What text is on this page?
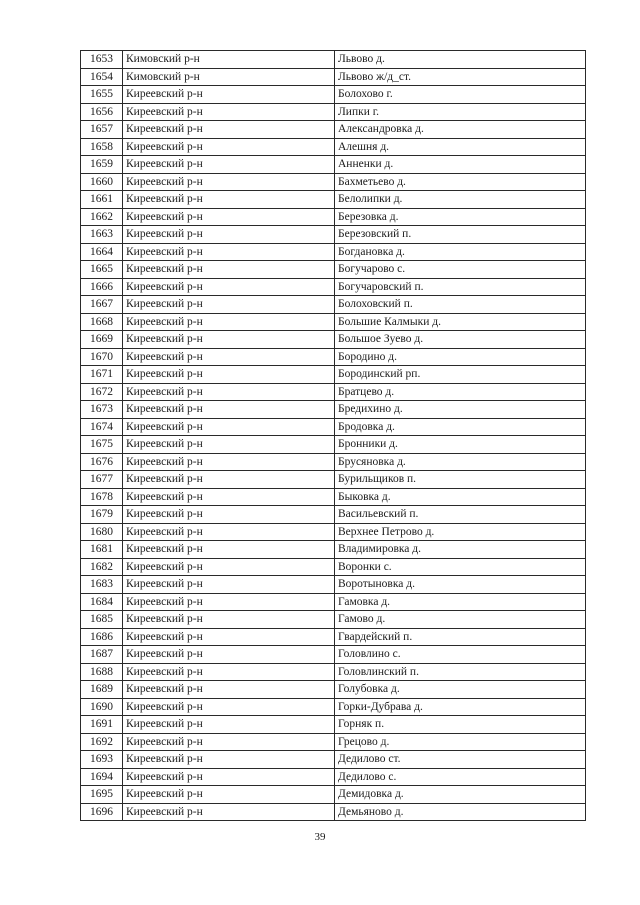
1653	Кимовский р-н	Львово д.
1654	Кимовский р-н	Львово ж/д_ст.
1655	Киреевский р-н	Болохово г.
1656	Киреевский р-н	Липки г.
1657	Киреевский р-н	Александровка д.
1658	Киреевский р-н	Алешня д.
1659	Киреевский р-н	Анненки д.
1660	Киреевский р-н	Бахметьево д.
1661	Киреевский р-н	Белолипки д.
1662	Киреевский р-н	Березовка д.
1663	Киреевский р-н	Березовский п.
1664	Киреевский р-н	Богдановка д.
1665	Киреевский р-н	Богучарово с.
1666	Киреевский р-н	Богучаровский п.
1667	Киреевский р-н	Болоховский п.
1668	Киреевский р-н	Большие Калмыки д.
1669	Киреевский р-н	Большое Зуево д.
1670	Киреевский р-н	Бородино д.
1671	Киреевский р-н	Бородинский рп.
1672	Киреевский р-н	Братцево д.
1673	Киреевский р-н	Бредихино д.
1674	Киреевский р-н	Бродовка д.
1675	Киреевский р-н	Бронники д.
1676	Киреевский р-н	Брусяновка д.
1677	Киреевский р-н	Бурильщиков п.
1678	Киреевский р-н	Быковка д.
1679	Киреевский р-н	Васильевский п.
1680	Киреевский р-н	Верхнее Петрово д.
1681	Киреевский р-н	Владимировка д.
1682	Киреевский р-н	Воронки с.
1683	Киреевский р-н	Воротыновка д.
1684	Киреевский р-н	Гамовка д.
1685	Киреевский р-н	Гамово д.
1686	Киреевский р-н	Гвардейский п.
1687	Киреевский р-н	Головлино с.
1688	Киреевский р-н	Головлинский п.
1689	Киреевский р-н	Голубовка д.
1690	Киреевский р-н	Горки-Дубрава д.
1691	Киреевский р-н	Горняк п.
1692	Киреевский р-н	Грецово д.
1693	Киреевский р-н	Дедилово ст.
1694	Киреевский р-н	Дедилово с.
1695	Киреевский р-н	Демидовка д.
1696	Киреевский р-н	Демьяново д.
39
